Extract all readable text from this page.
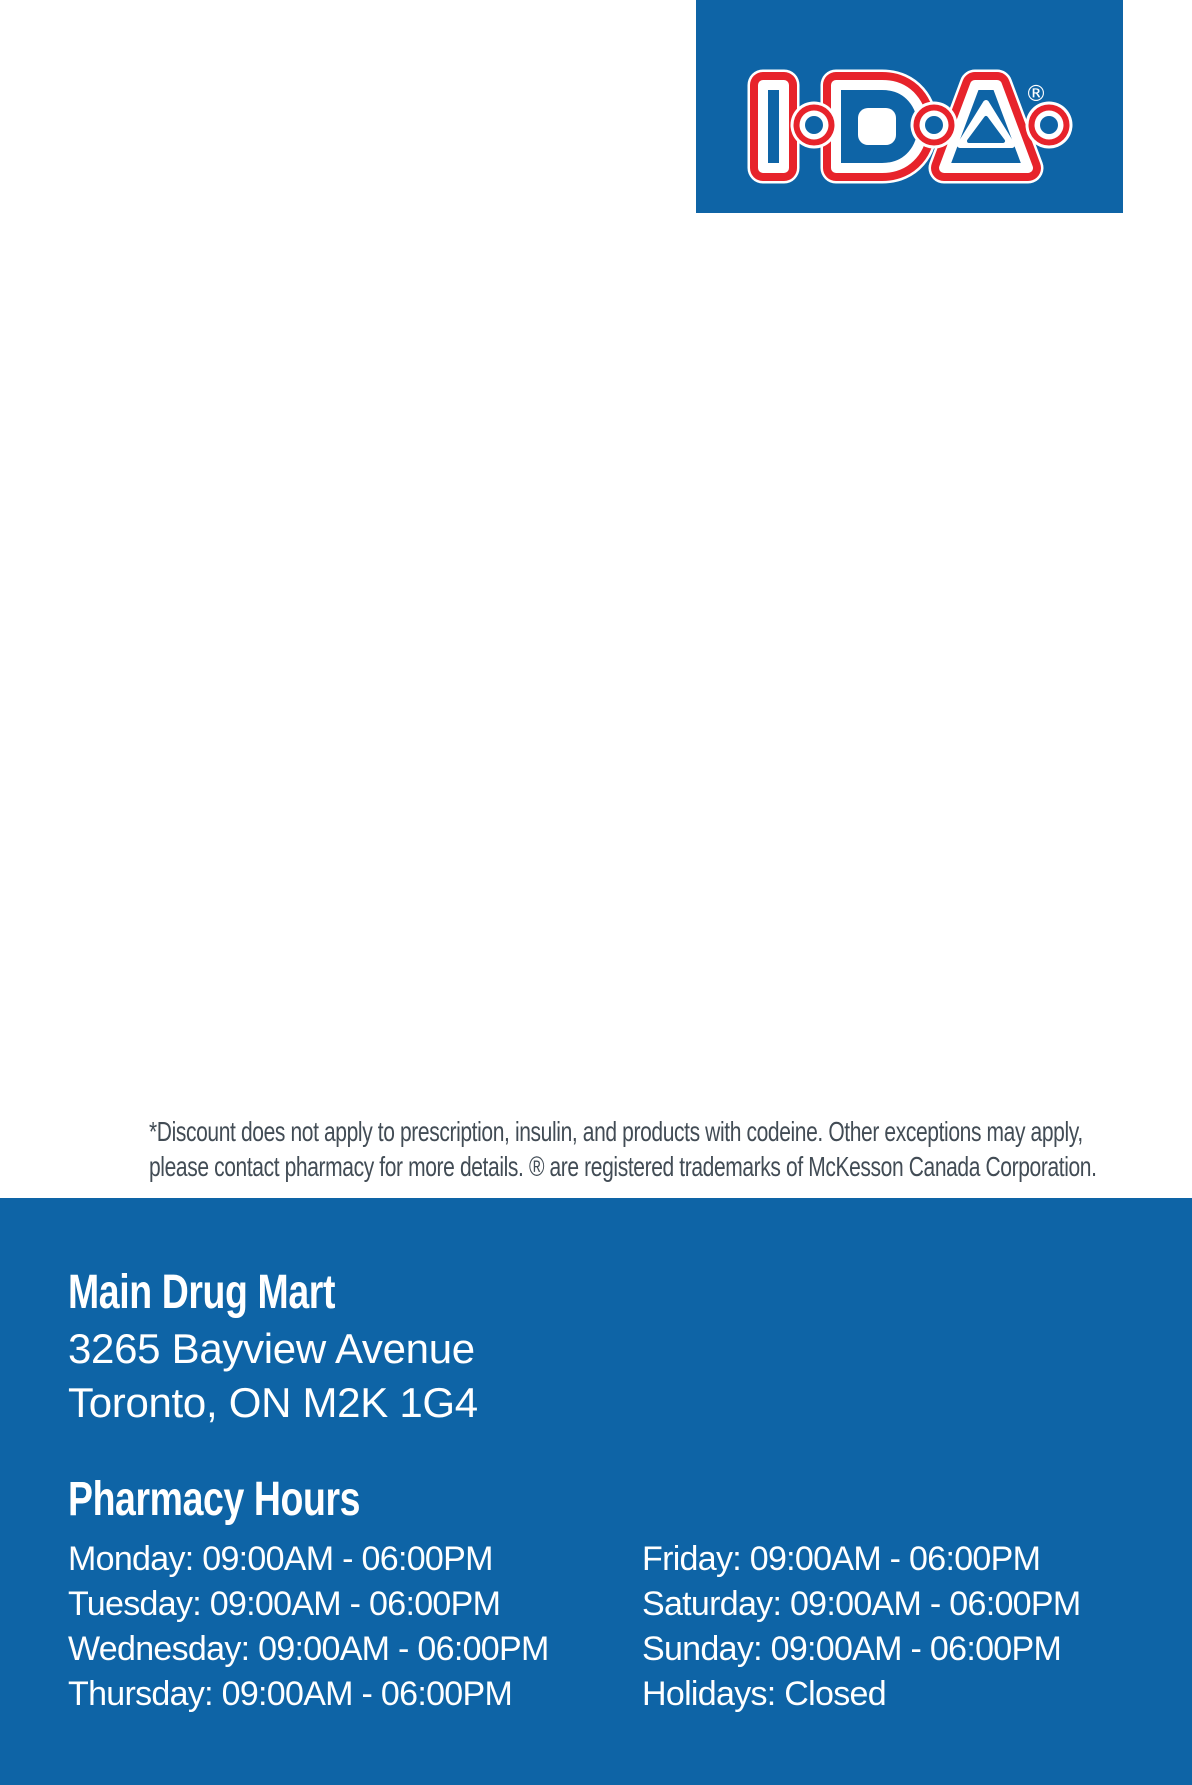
®
*Discount does not apply to prescription, insulin, and products with codeine. Other exceptions may apply,
please contact pharmacy for more details. ® are registered trademarks of McKesson Canada Corporation.
Main Drug Mart
3265 Bayview Avenue
Toronto, ON M2K 1G4
Pharmacy Hours
Monday: 09:00AM - 06:00PM
Tuesday: 09:00AM - 06:00PM
Wednesday: 09:00AM - 06:00PM
Thursday: 09:00AM - 06:00PM
Friday: 09:00AM - 06:00PM
Saturday: 09:00AM - 06:00PM
Sunday: 09:00AM - 06:00PM
Holidays: Closed
